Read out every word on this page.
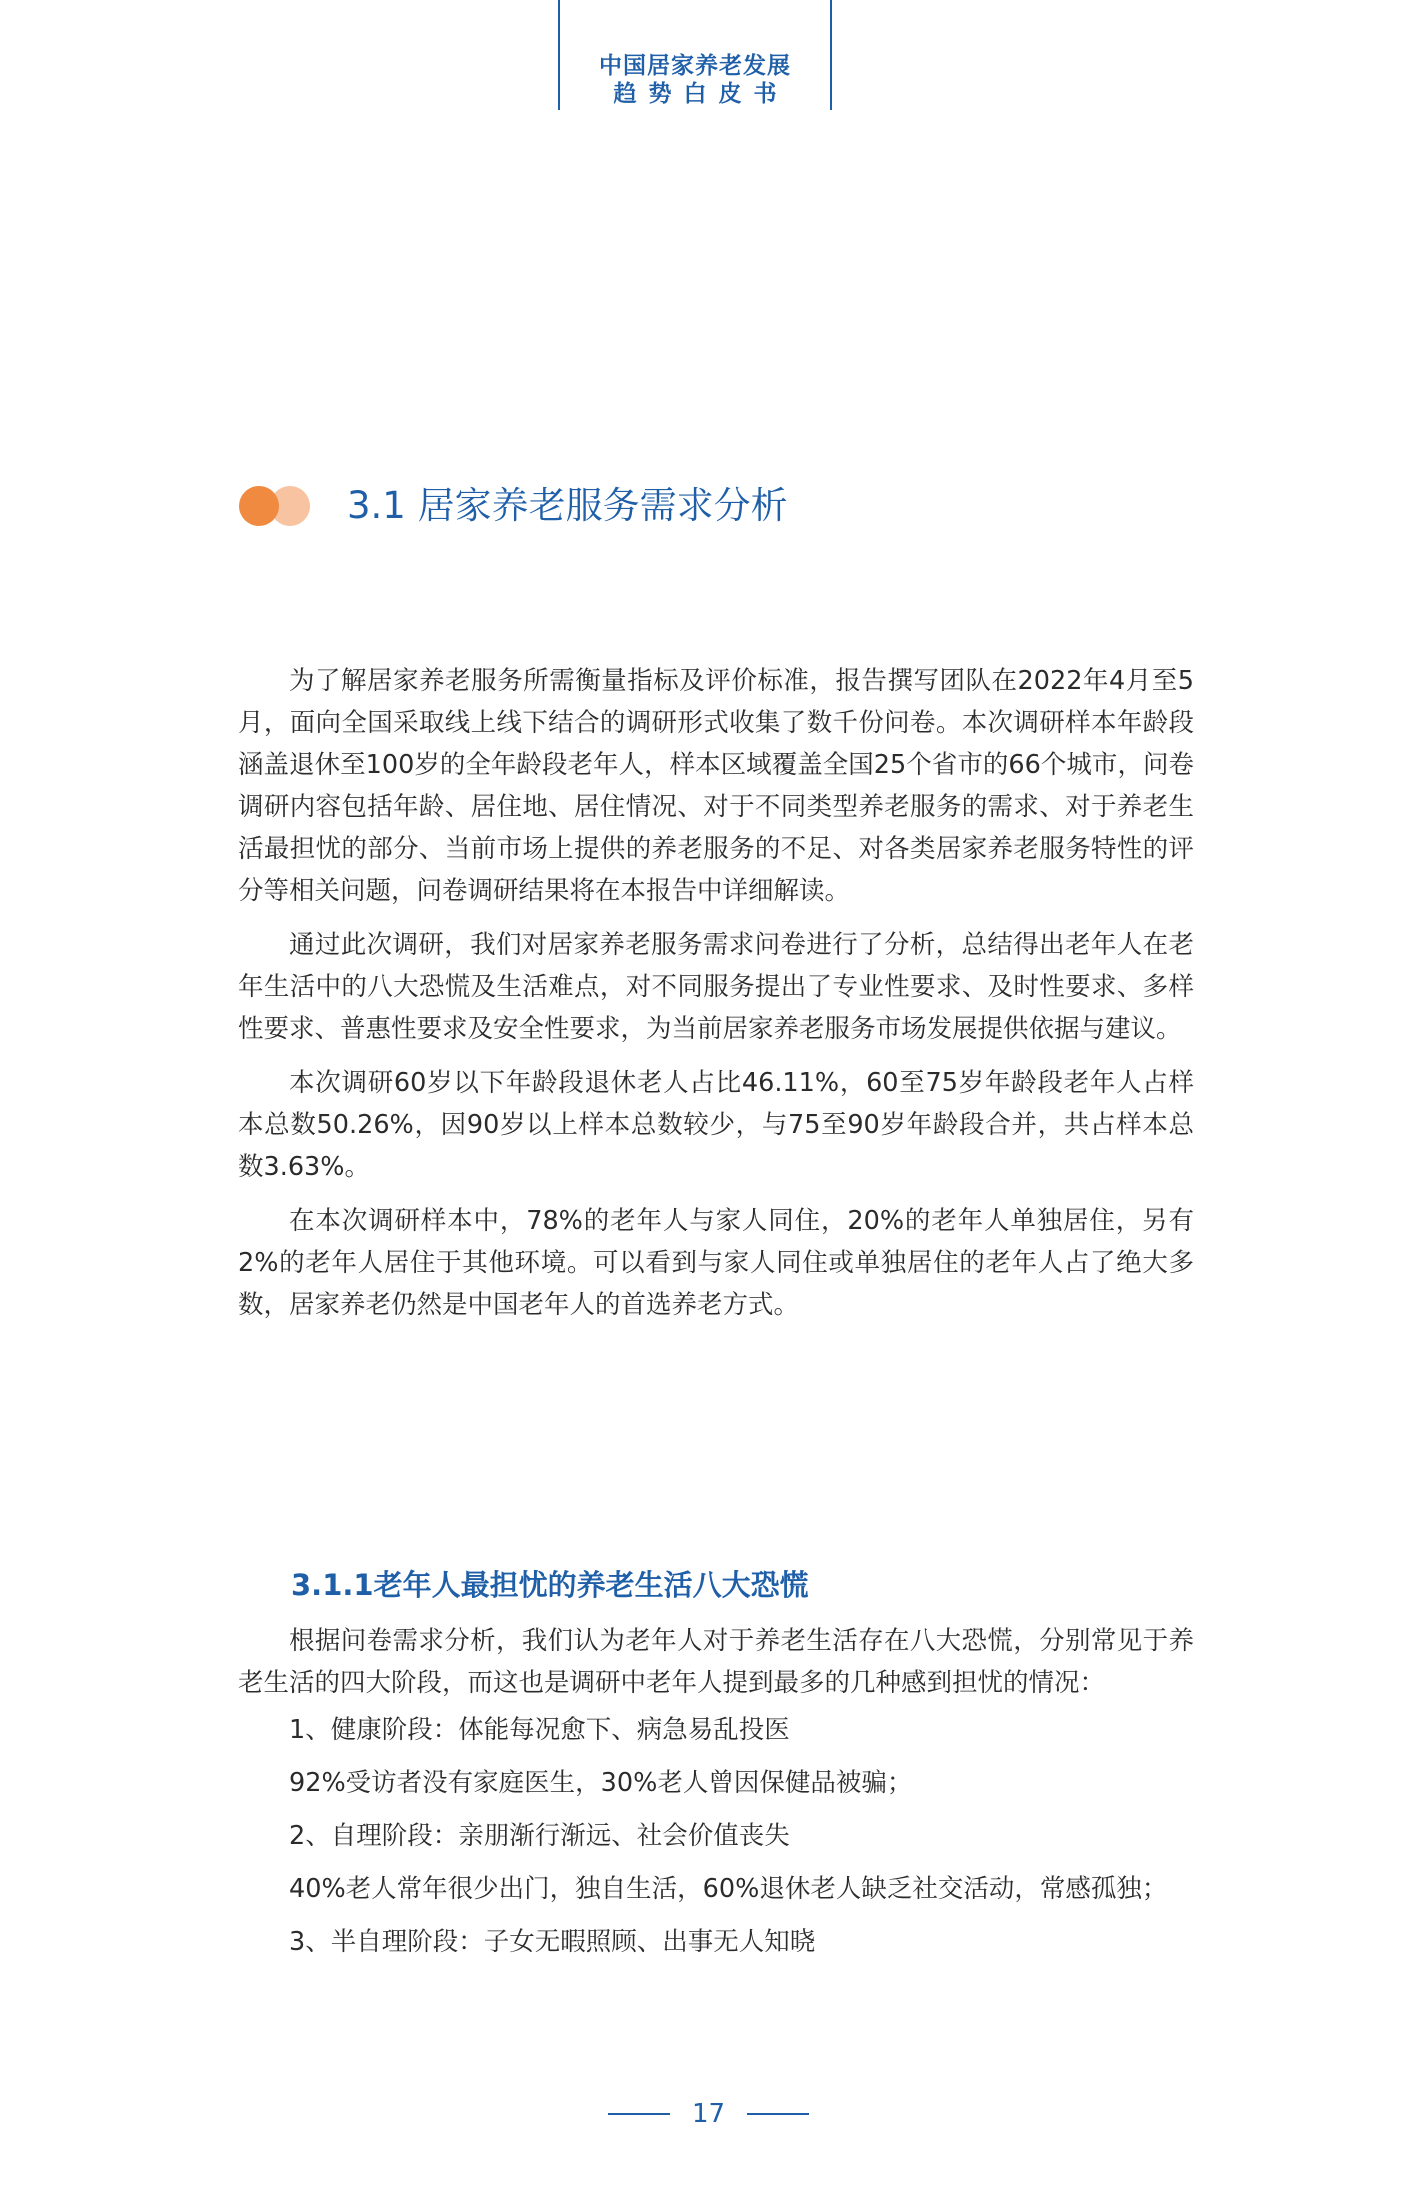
中国居家养老发展
趋势白皮书
3.1 居家养老服务需求分析

为了解居家养老服务所需衡量指标及评价标准，报告撰写团队在2022年4月至5月，面向全国采取线上线下结合的调研形式收集了数千份问卷。本次调研样本年龄段涵盖退休至100岁的全年龄段老年人，样本区域覆盖全国25个省市的66个城市，问卷调研内容包括年龄、居住地、居住情况、对于不同类型养老服务的需求、对于养老生活最担忧的部分、当前市场上提供的养老服务的不足、对各类居家养老服务特性的评分等相关问题，问卷调研结果将在本报告中详细解读。

通过此次调研，我们对居家养老服务需求问卷进行了分析，总结得出老年人在老年生活中的八大恐慌及生活难点，对不同服务提出了专业性要求、及时性要求、多样性要求、普惠性要求及安全性要求，为当前居家养老服务市场发展提供依据与建议。

本次调研60岁以下年龄段退休老人占比46.11%，60至75岁年龄段老年人占样本总数50.26%，因90岁以上样本总数较少，与75至90岁年龄段合并，共占样本总数3.63%。

在本次调研样本中，78%的老年人与家人同住，20%的老年人单独居住，另有2%的老年人居住于其他环境。可以看到与家人同住或单独居住的老年人占了绝大多数，居家养老仍然是中国老年人的首选养老方式。

3.1.1老年人最担忧的养老生活八大恐慌

根据问卷需求分析，我们认为老年人对于养老生活存在八大恐慌，分别常见于养老生活的四大阶段，而这也是调研中老年人提到最多的几种感到担忧的情况：

1、健康阶段：体能每况愈下、病急易乱投医

92%受访者没有家庭医生，30%老人曾因保健品被骗；

2、自理阶段：亲朋渐行渐远、社会价值丧失

40%老人常年很少出门，独自生活，60%退休老人缺乏社交活动，常感孤独；

3、半自理阶段：子女无暇照顾、出事无人知晓

17
